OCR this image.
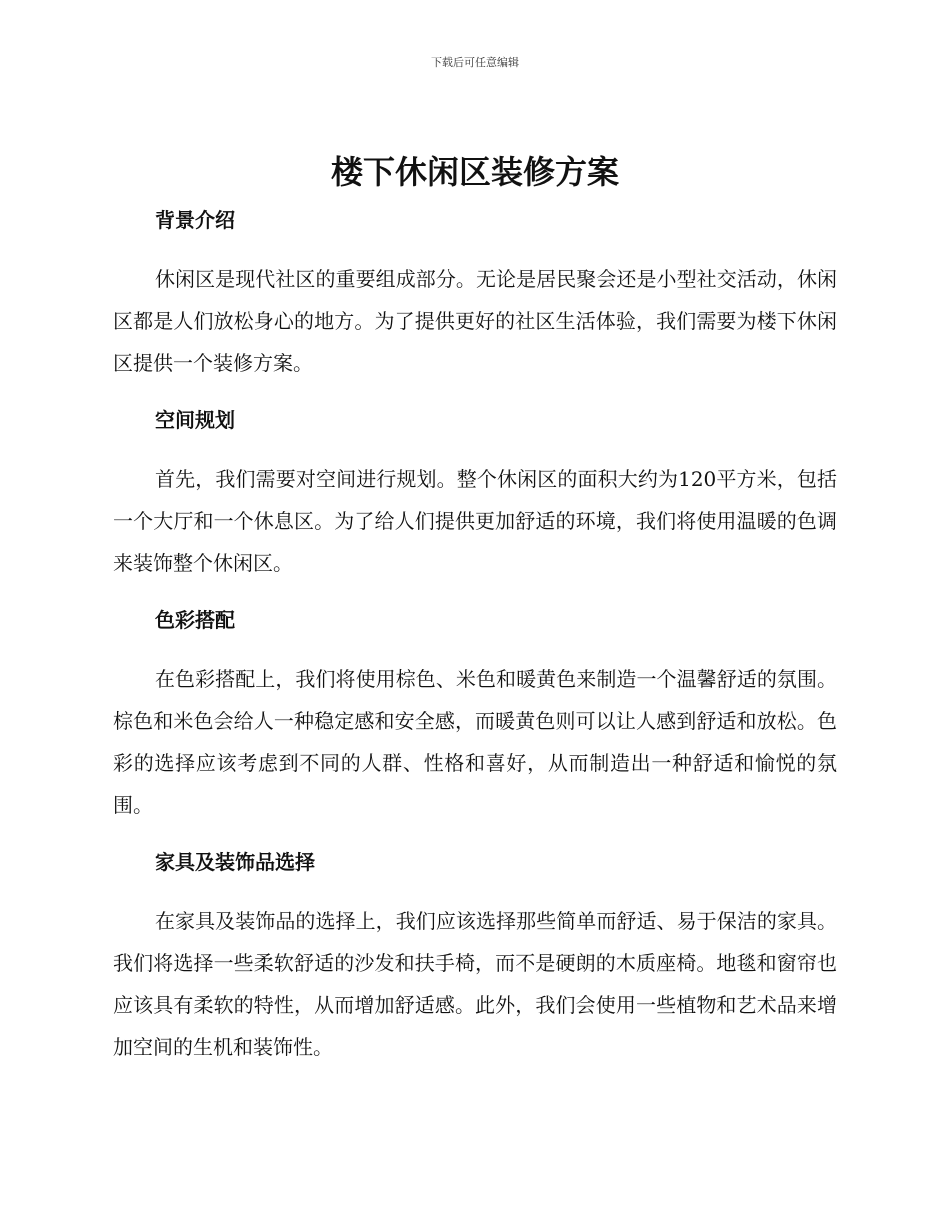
下载后可任意编辑
楼下休闲区装修方案
背景介绍

休闲区是现代社区的重要组成部分。无论是居民聚会还是小型社交活动，休闲区都是人们放松身心的地方。为了提供更好的社区生活体验，我们需要为楼下休闲区提供一个装修方案。

空间规划

首先，我们需要对空间进行规划。整个休闲区的面积大约为120平方米，包括一个大厅和一个休息区。为了给人们提供更加舒适的环境，我们将使用温暖的色调来装饰整个休闲区。

色彩搭配

在色彩搭配上，我们将使用棕色、米色和暖黄色来制造一个温馨舒适的氛围。棕色和米色会给人一种稳定感和安全感，而暖黄色则可以让人感到舒适和放松。色彩的选择应该考虑到不同的人群、性格和喜好，从而制造出一种舒适和愉悦的氛围。

家具及装饰品选择

在家具及装饰品的选择上，我们应该选择那些简单而舒适、易于保洁的家具。我们将选择一些柔软舒适的沙发和扶手椅，而不是硬朗的木质座椅。地毯和窗帘也应该具有柔软的特性，从而增加舒适感。此外，我们会使用一些植物和艺术品来增加空间的生机和装饰性。
